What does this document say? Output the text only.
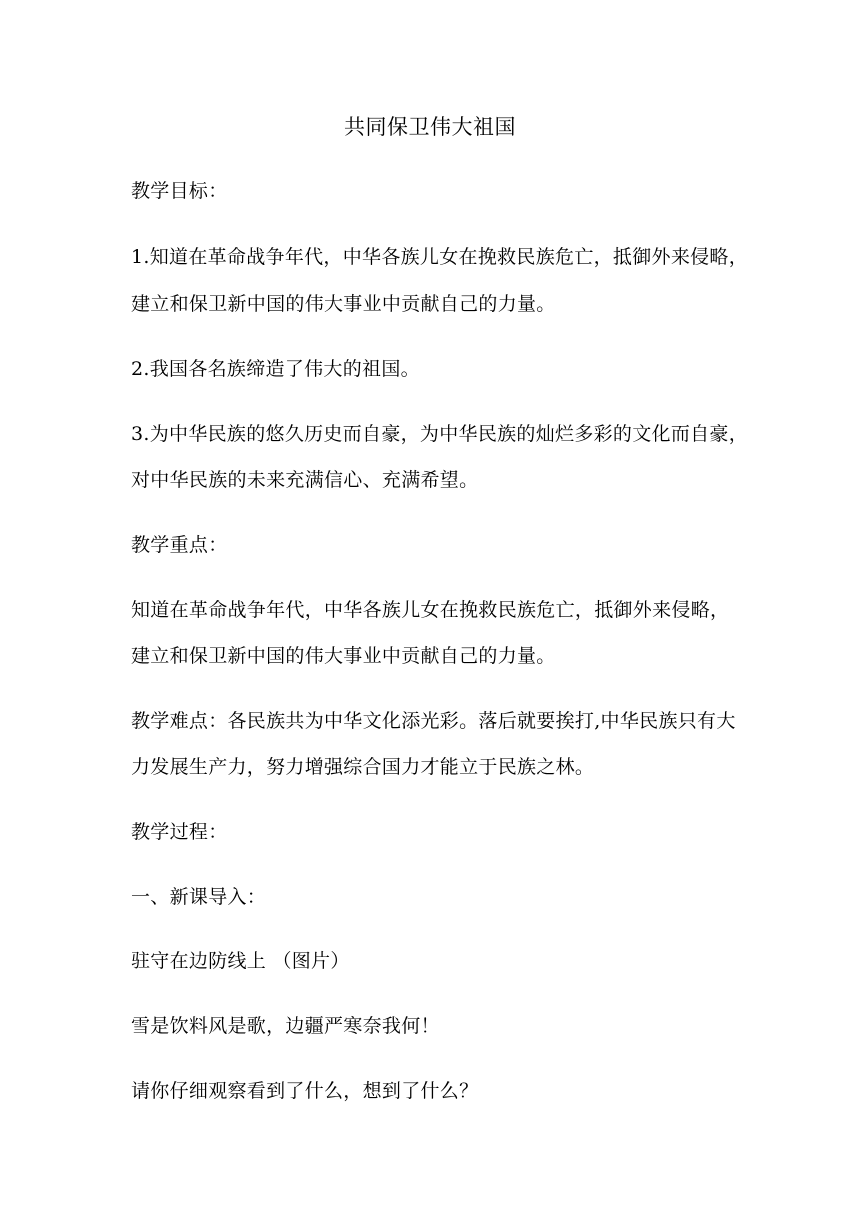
共同保卫伟大祖国
教学目标：
1.知道在革命战争年代，中华各族儿女在挽救民族危亡，抵御外来侵略，
建立和保卫新中国的伟大事业中贡献自己的力量。
2.我国各名族缔造了伟大的祖国。
3.为中华民族的悠久历史而自豪，为中华民族的灿烂多彩的文化而自豪，
对中华民族的未来充满信心、充满希望。
教学重点：
知道在革命战争年代，中华各族儿女在挽救民族危亡，抵御外来侵略，
建立和保卫新中国的伟大事业中贡献自己的力量。
教学难点：各民族共为中华文化添光彩。落后就要挨打,中华民族只有大
力发展生产力，努力增强综合国力才能立于民族之林。
教学过程：
一、新课导入：
驻守在边防线上 （图片）
雪是饮料风是歌，边疆严寒奈我何！
请你仔细观察看到了什么，想到了什么？
